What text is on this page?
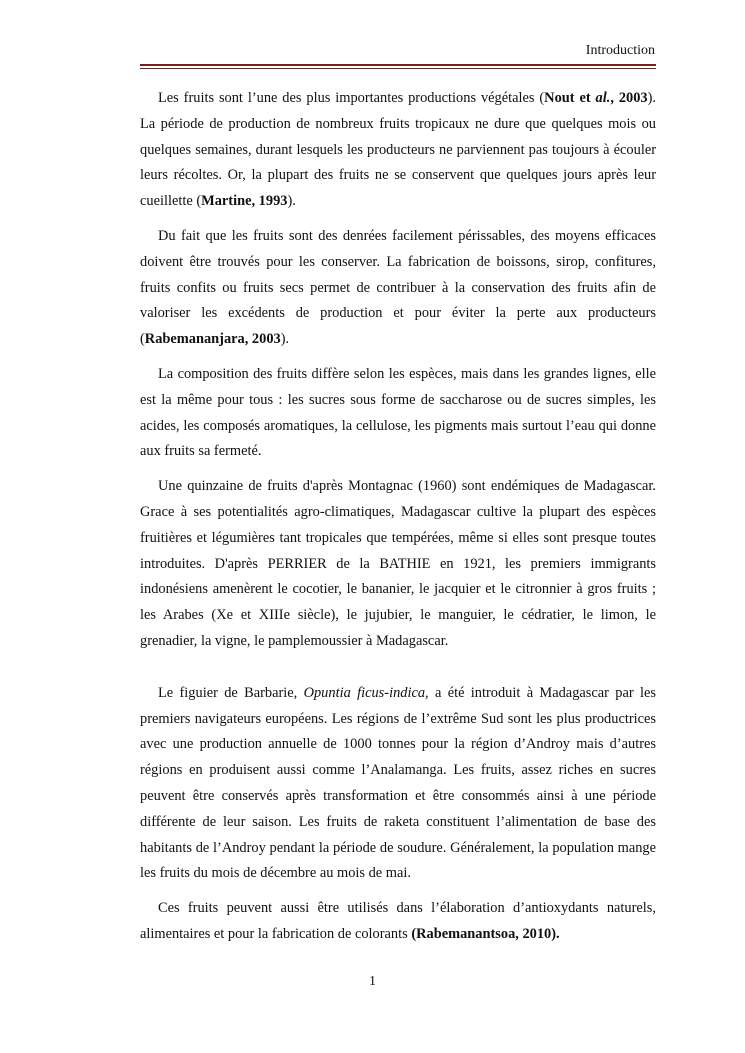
Introduction

Les fruits sont l’une des plus importantes productions végétales (Nout et al., 2003). La période de production de nombreux fruits tropicaux ne dure que quelques mois ou quelques semaines, durant lesquels les producteurs ne parviennent pas toujours à écouler leurs récoltes. Or, la plupart des fruits ne se conservent que quelques jours après leur cueillette (Martine, 1993).

Du fait que les fruits sont des denrées facilement périssables, des moyens efficaces doivent être trouvés pour les conserver. La fabrication de boissons, sirop, confitures, fruits confits ou fruits secs permet de contribuer à la conservation des fruits afin de valoriser les excédents de production et pour éviter la perte aux producteurs (Rabemananjara, 2003).

La composition des fruits diffère selon les espèces, mais dans les grandes lignes, elle est la même pour tous : les sucres sous forme de saccharose ou de sucres simples, les acides, les composés aromatiques, la cellulose, les pigments mais surtout l’eau qui donne aux fruits sa fermeté.

Une quinzaine de fruits d'après Montagnac (1960) sont endémiques de Madagascar. Grace à ses potentialités agro-climatiques, Madagascar cultive la plupart des espèces fruitières et légumières tant tropicales que tempérées, même si elles sont presque toutes introduites. D'après PERRIER de la BATHIE en 1921, les premiers immigrants indonésiens amenèrent le cocotier, le bananier, le jacquier et le citronnier à gros fruits ; les Arabes (Xe et XIIIe siècle), le jujubier, le manguier, le cédratier, le limon, le grenadier, la vigne, le pamplemoussier à Madagascar.

Le figuier de Barbarie, Opuntia ficus-indica, a été introduit à Madagascar par les premiers navigateurs européens. Les régions de l’extrême Sud sont les plus productrices avec une production annuelle de 1000 tonnes pour la région d’Androy mais d’autres régions en produisent aussi comme l’Analamanga. Les fruits, assez riches en sucres peuvent être conservés après transformation et être consommés ainsi à une période différente de leur saison. Les fruits de raketa constituent l’alimentation de base des habitants de l’Androy pendant la période de soudure. Généralement, la population mange les fruits du mois de décembre au mois de mai.

Ces fruits peuvent aussi être utilisés dans l’élaboration d’antioxydants naturels, alimentaires et pour la fabrication de colorants (Rabemanantsoa, 2010).

1
